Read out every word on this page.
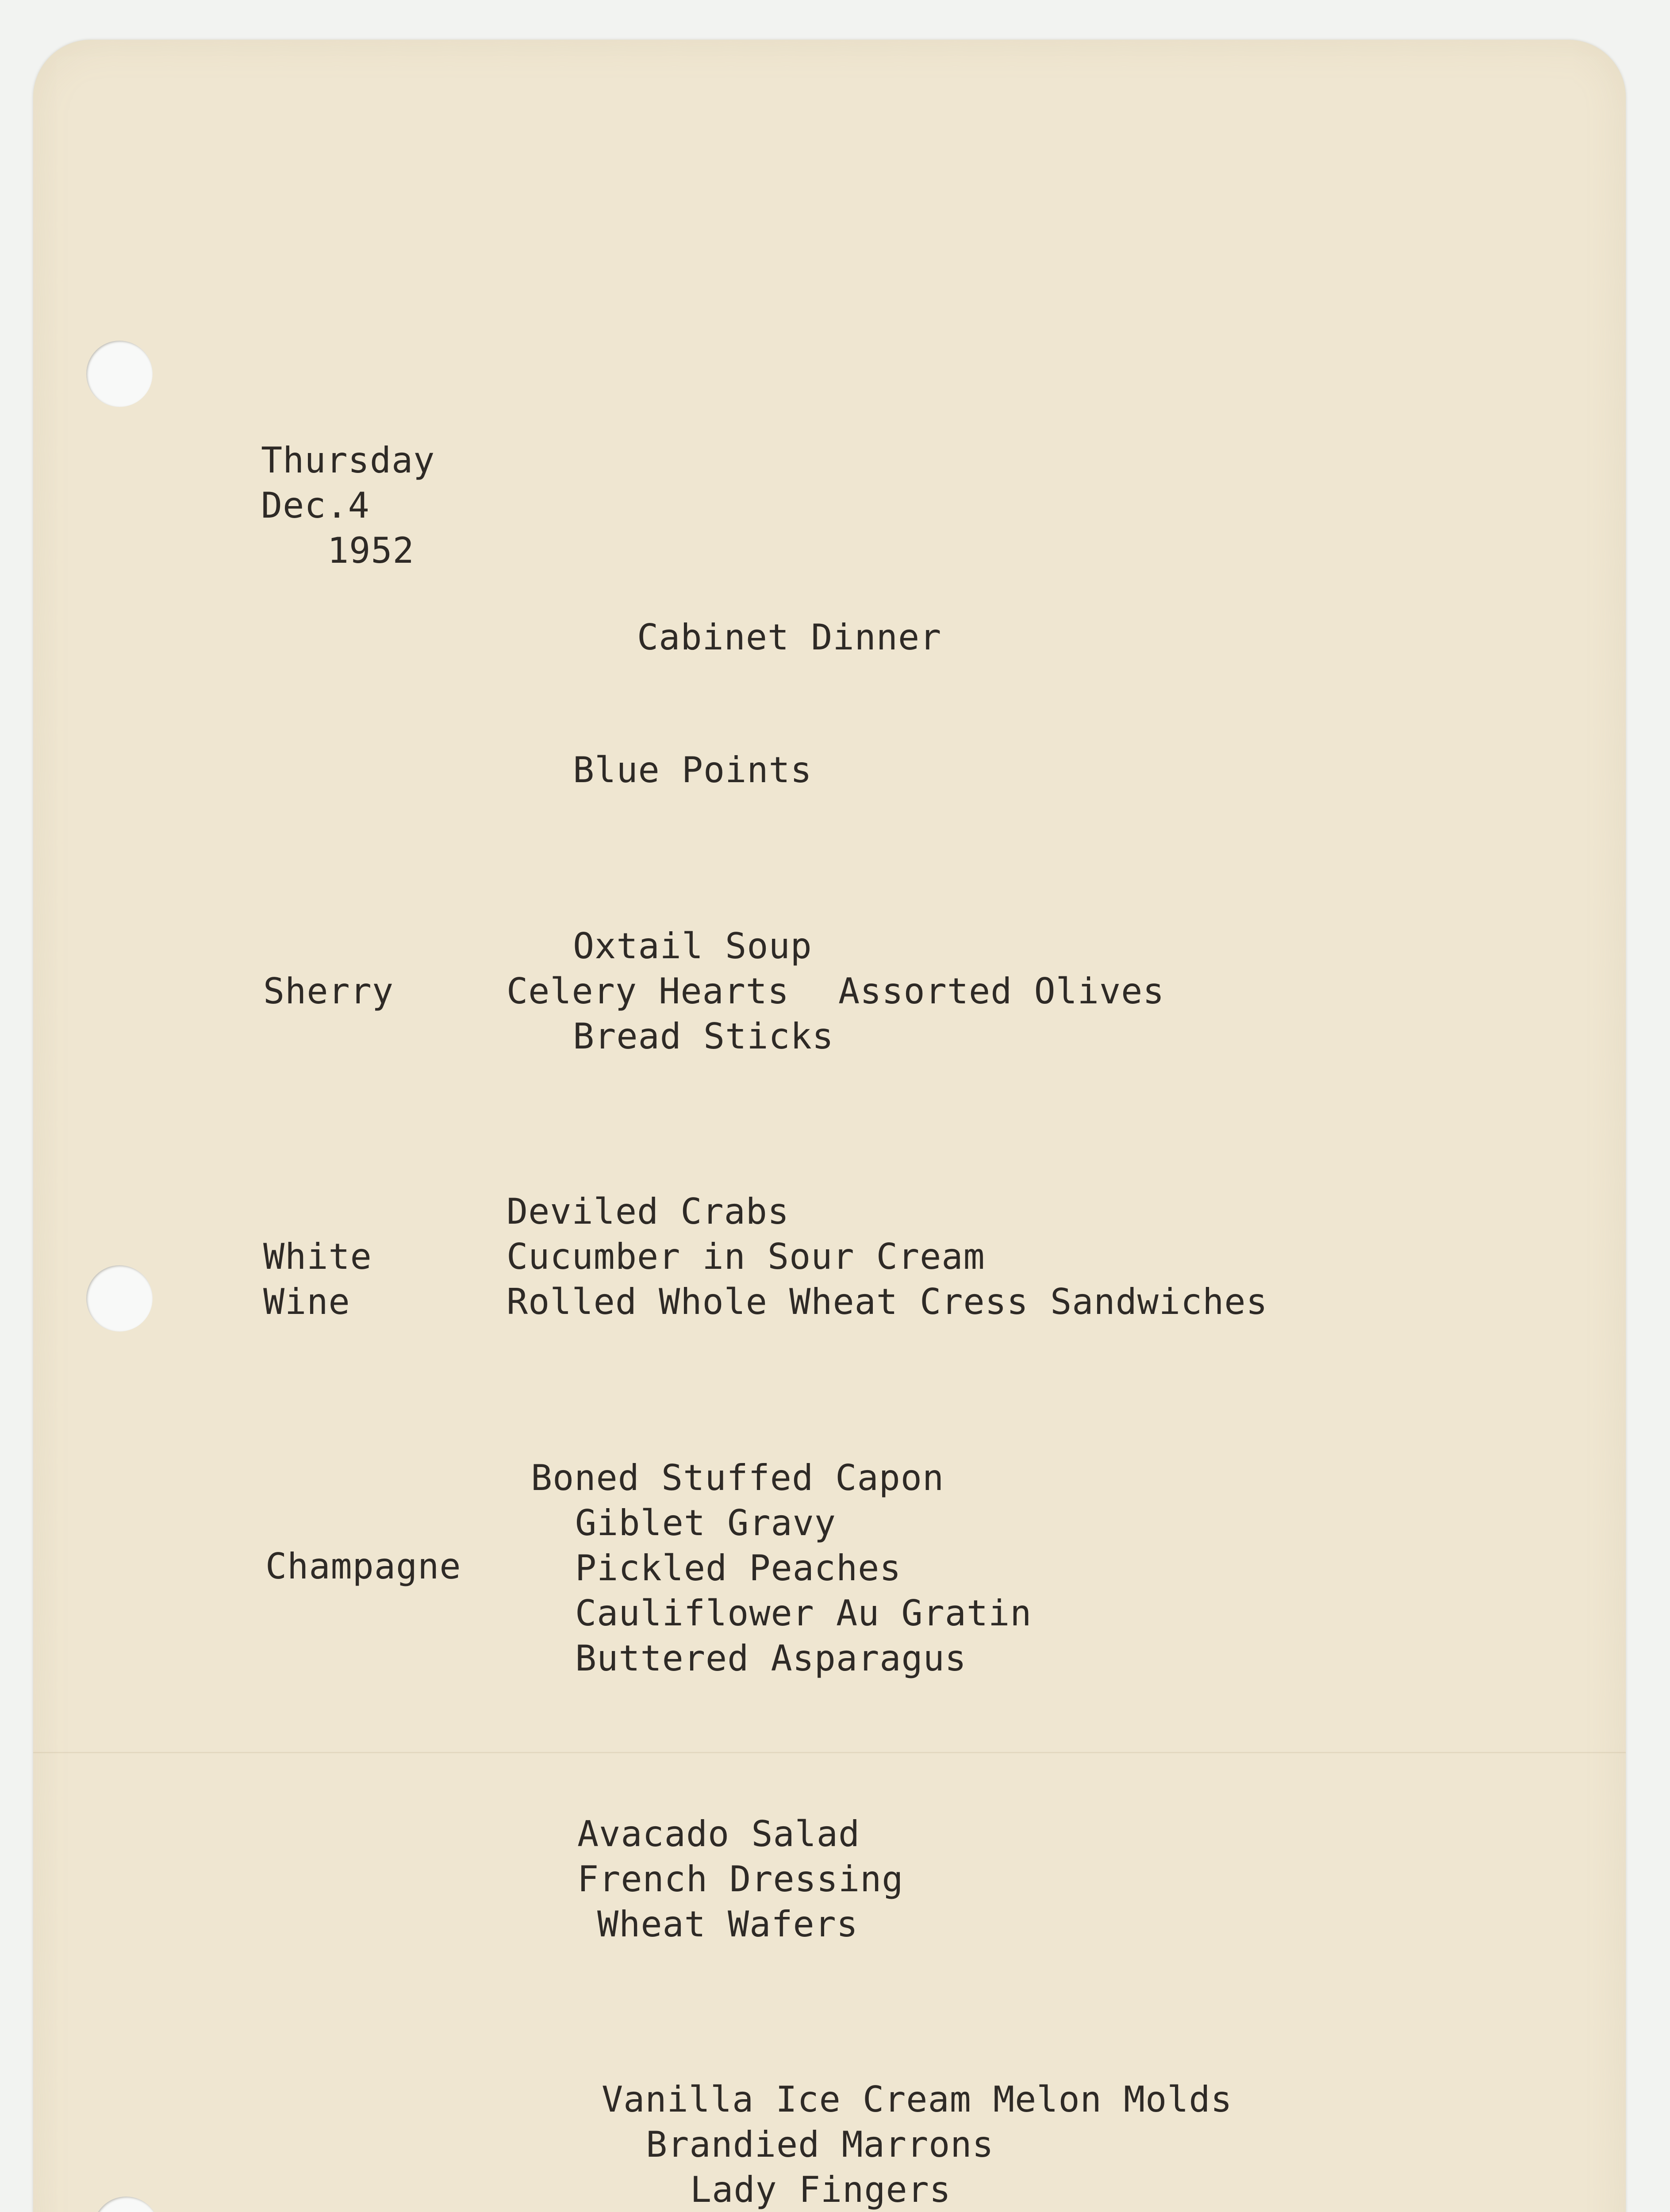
Thursday

Dec.4

1952

Cabinet Dinner

Blue Points

Sherry

Oxtail Soup

Celery Hearts Assorted Olives

Bread Sticks

White

Wine

Deviled Crabs

Cucumber in Sour Cream

Rolled Whole Wheat Cress Sandwiches

Champagne

Boned Stuffed Capon

Giblet Gravy

Pickled Peaches

Cauliflower Au Gratin

Buttered Asparagus

Avacado Salad

French Dressing

Wheat Wafers

Vanilla Ice Cream Melon Molds

Brandied Marrons

Lady Fingers
